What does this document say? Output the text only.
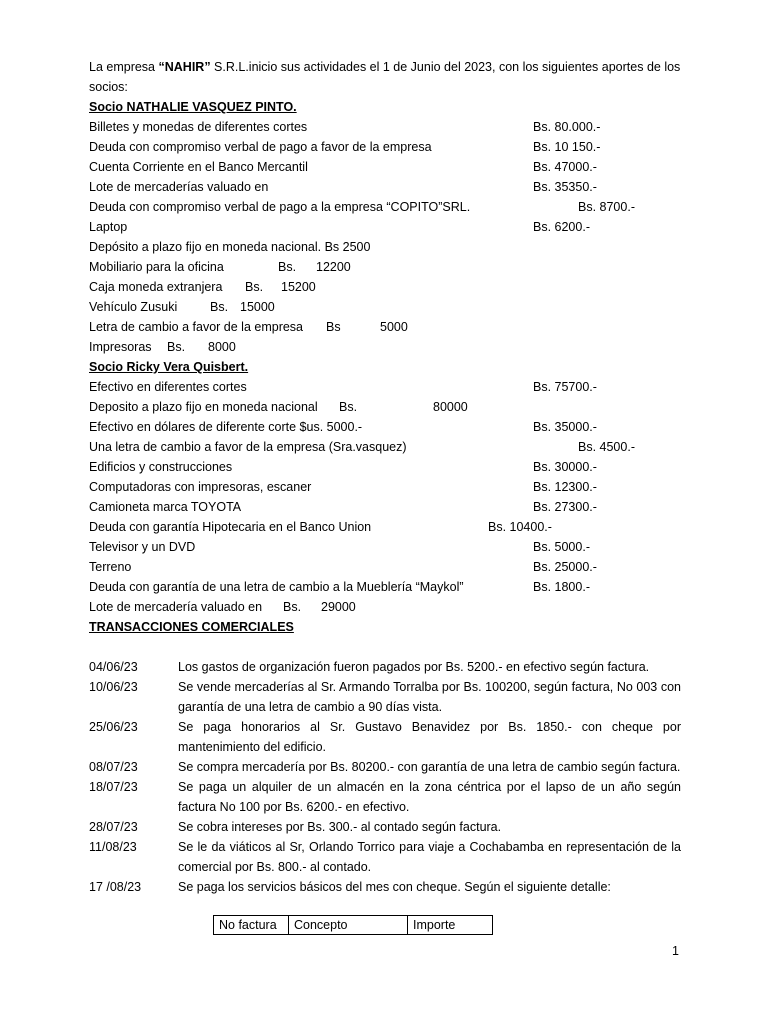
La empresa “NAHIR” S.R.L.inicio sus actividades el 1 de Junio del 2023, con los siguientes aportes de los socios:

Socio NATHALIE VASQUEZ PINTO.
Billetes y monedas de diferentes cortes	Bs. 80.000.-
Deuda con compromiso verbal de pago a favor de la empresa	Bs. 10 150.-
Cuenta Corriente en el Banco Mercantil	Bs. 47000.-
Lote de mercaderías valuado en	Bs. 35350.-
Deuda con compromiso verbal de pago a la empresa “COPITO”SRL.	Bs. 8700.-
Laptop	Bs. 6200.-
Depósito a plazo fijo en moneda nacional. Bs 2500
Mobiliario para la oficina	Bs. 12200
Caja moneda extranjera Bs. 15200
Vehículo Zusuki	Bs. 15000
Letra de cambio a favor de la empresa Bs	5000
Impresoras Bs. 8000
Socio Ricky Vera Quisbert.
Efectivo en diferentes cortes	Bs. 75700.-
Deposito a plazo fijo en moneda nacional Bs.	80000
Efectivo en dólares de diferente corte $us. 5000.-	Bs. 35000.-
Una letra de cambio a favor de la empresa (Sra.vasquez)	Bs. 4500.-
Edificios y construcciones	Bs. 30000.-
Computadoras con impresoras, escaner	Bs. 12300.-
Camioneta marca TOYOTA	Bs. 27300.-
Deuda con garantía Hipotecaria en el Banco Union	Bs. 10400.-
Televisor y un DVD	Bs. 5000.-
Terreno	Bs. 25000.-
Deuda con garantía de una letra de cambio a la Mueblería “Maykol”	Bs. 1800.-
Lote de mercadería valuado en Bs. 29000
TRANSACCIONES COMERCIALES
04/06/23	Los gastos de organización fueron pagados por Bs. 5200.- en efectivo según factura.
10/06/23	Se vende mercaderías al Sr. Armando Torralba por Bs. 100200, según factura, No 003 con garantía de una letra de cambio a 90 días vista.
25/06/23	Se paga honorarios al Sr. Gustavo Benavidez por Bs. 1850.- con cheque por mantenimiento del edificio.
08/07/23	Se compra mercadería por Bs. 80200.- con garantía de una letra de cambio según factura.
18/07/23	Se paga un alquiler de un almacén en la zona céntrica por el lapso de un año según factura No 100 por Bs. 6200.- en efectivo.
28/07/23	Se cobra intereses por Bs. 300.- al contado según factura.
11/08/23	Se le da viáticos al Sr, Orlando Torrico para viaje a Cochabamba en representación de la comercial por Bs. 800.- al contado.
17 /08/23	Se paga los servicios básicos del mes con cheque. Según el siguiente detalle:
No factura	Concepto	Importe
1
